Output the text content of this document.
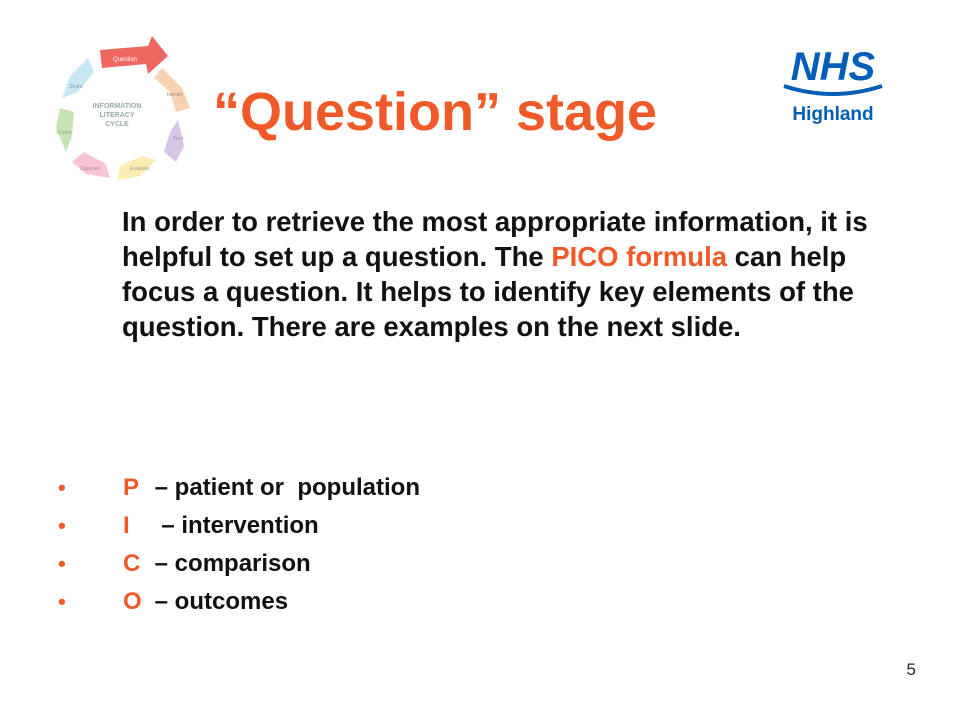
INFORMATION
LITERACY
CYCLE
Question
Identify
Find
Evaluate
Organise
Create
Share	NHS
Highland
“Question” stage
In order to retrieve the most appropriate information, it is helpful to set up a question. The PICO formula can help focus a question. It helps to identify key elements of the question. There are examples on the next slide.
•	P – patient or  population
•	I – intervention
•	C – comparison
•	O – outcomes
5
